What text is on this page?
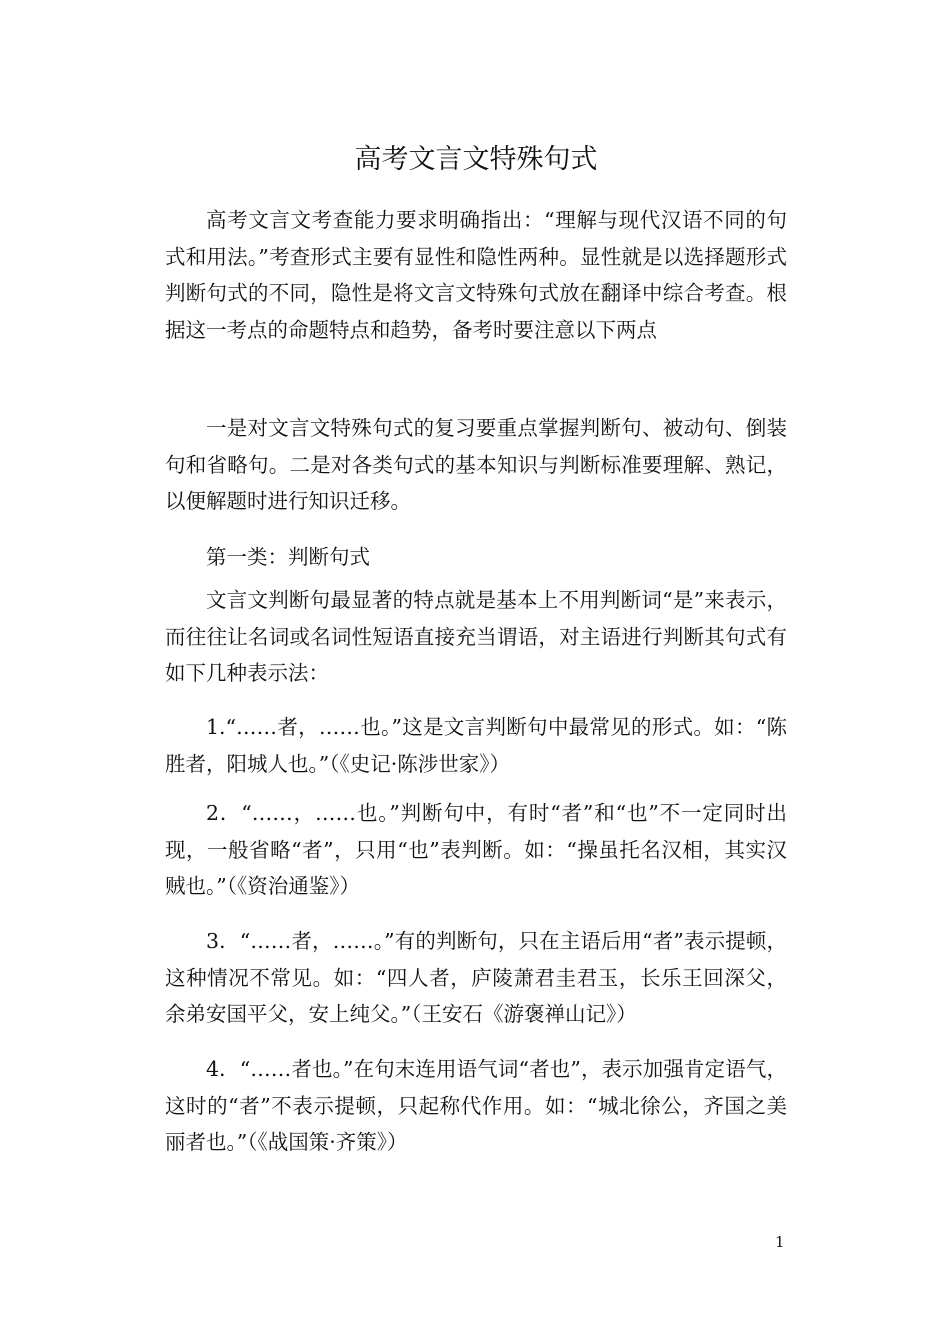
高考文言文特殊句式

高考文言文考查能力要求明确指出：“理解与现代汉语不同的句式和用法。”考查形式主要有显性和隐性两种。显性就是以选择题形式判断句式的不同，隐性是将文言文特殊句式放在翻译中综合考查。根据这一考点的命题特点和趋势，备考时要注意以下两点

一是对文言文特殊句式的复习要重点掌握判断句、被动句、倒装句和省略句。二是对各类句式的基本知识与判断标准要理解、熟记，以便解题时进行知识迁移。

第一类：判断句式

文言文判断句最显著的特点就是基本上不用判断词“是”来表示，而往往让名词或名词性短语直接充当谓语，对主语进行判断其句式有如下几种表示法：

1.“……者，……也。”这是文言判断句中最常见的形式。如：“陈胜者，阳城人也。”（《史记·陈涉世家》）

2．“……，……也。”判断句中，有时“者”和“也”不一定同时出现，一般省略“者”，只用“也”表判断。如：“操虽托名汉相，其实汉贼也。”（《资治通鉴》）

3．“……者，……。”有的判断句，只在主语后用“者”表示提顿，这种情况不常见。如：“四人者，庐陵萧君圭君玉，长乐王回深父，余弟安国平父，安上纯父。”（王安石《游褒禅山记》）

4．“……者也。”在句末连用语气词“者也”，表示加强肯定语气，这时的“者”不表示提顿，只起称代作用。如：“城北徐公，齐国之美丽者也。”（《战国策·齐策》）

1
